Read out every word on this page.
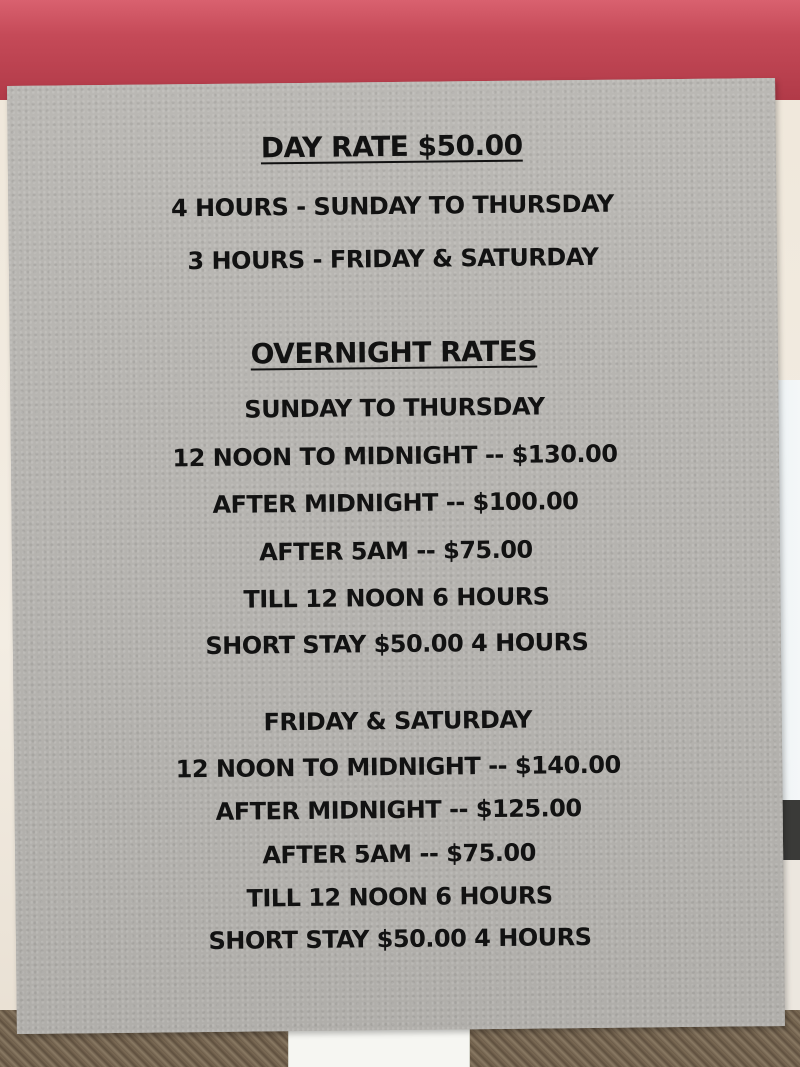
DAY RATE $50.00
4 HOURS - SUNDAY TO THURSDAY
3 HOURS - FRIDAY & SATURDAY
OVERNIGHT RATES
SUNDAY TO THURSDAY
12 NOON TO MIDNIGHT -- $130.00
AFTER MIDNIGHT -- $100.00
AFTER 5AM -- $75.00
TILL 12 NOON 6 HOURS
SHORT STAY $50.00 4 HOURS
FRIDAY & SATURDAY
12 NOON TO MIDNIGHT -- $140.00
AFTER MIDNIGHT -- $125.00
AFTER 5AM -- $75.00
TILL 12 NOON 6 HOURS
SHORT STAY $50.00 4 HOURS
